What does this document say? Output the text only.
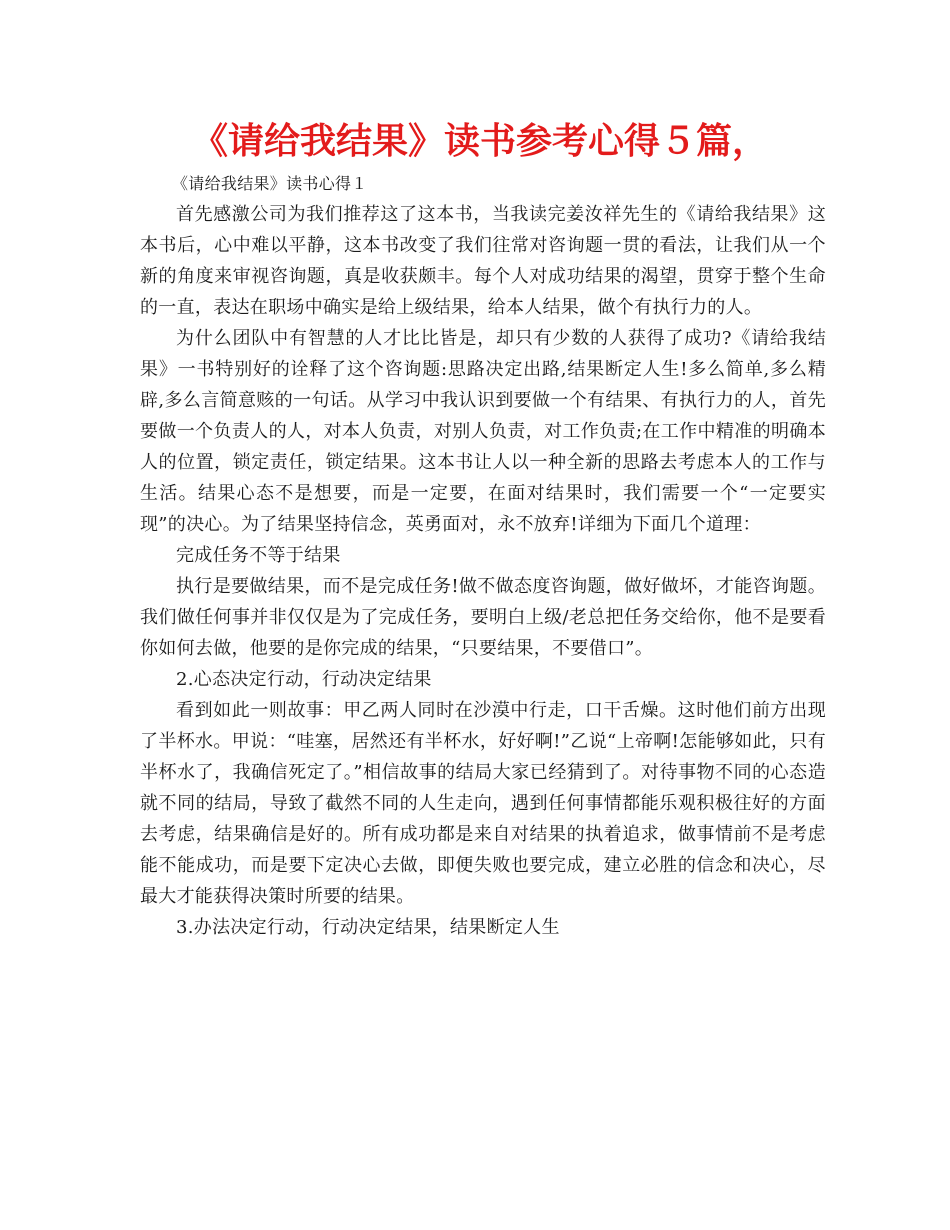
《请给我结果》读书参考心得５篇，

《请给我结果》读书心得１

首先感激公司为我们推荐这了这本书，当我读完姜汝祥先生的《请给我结果》这本书后，心中难以平静，这本书改变了我们往常对咨询题一贯的看法，让我们从一个新的角度来审视咨询题，真是收获颇丰。每个人对成功结果的渴望，贯穿于整个生命的一直，表达在职场中确实是给上级结果，给本人结果，做个有执行力的人。

为什么团队中有智慧的人才比比皆是，却只有少数的人获得了成功?《请给我结果》一书特别好的诠释了这个咨询题:思路决定出路,结果断定人生!多么简单,多么精辟,多么言简意赅的一句话。从学习中我认识到要做一个有结果、有执行力的人，首先要做一个负责人的人，对本人负责，对别人负责，对工作负责;在工作中精准的明确本人的位置，锁定责任，锁定结果。这本书让人以一种全新的思路去考虑本人的工作与生活。结果心态不是想要，而是一定要，在面对结果时，我们需要一个“一定要实现”的决心。为了结果坚持信念，英勇面对，永不放弃!详细为下面几个道理：

完成任务不等于结果

执行是要做结果，而不是完成任务!做不做态度咨询题，做好做坏，才能咨询题。我们做任何事并非仅仅是为了完成任务，要明白上级/老总把任务交给你，他不是要看你如何去做，他要的是你完成的结果，“只要结果，不要借口”。

2.心态决定行动，行动决定结果

看到如此一则故事：甲乙两人同时在沙漠中行走，口干舌燥。这时他们前方出现了半杯水。甲说：“哇塞，居然还有半杯水，好好啊!”乙说“上帝啊!怎能够如此，只有半杯水了，我确信死定了。”相信故事的结局大家已经猜到了。对待事物不同的心态造就不同的结局，导致了截然不同的人生走向，遇到任何事情都能乐观积极往好的方面去考虑，结果确信是好的。所有成功都是来自对结果的执着追求，做事情前不是考虑能不能成功，而是要下定决心去做，即便失败也要完成，建立必胜的信念和决心，尽最大才能获得决策时所要的结果。

3.办法决定行动，行动决定结果，结果断定人生
